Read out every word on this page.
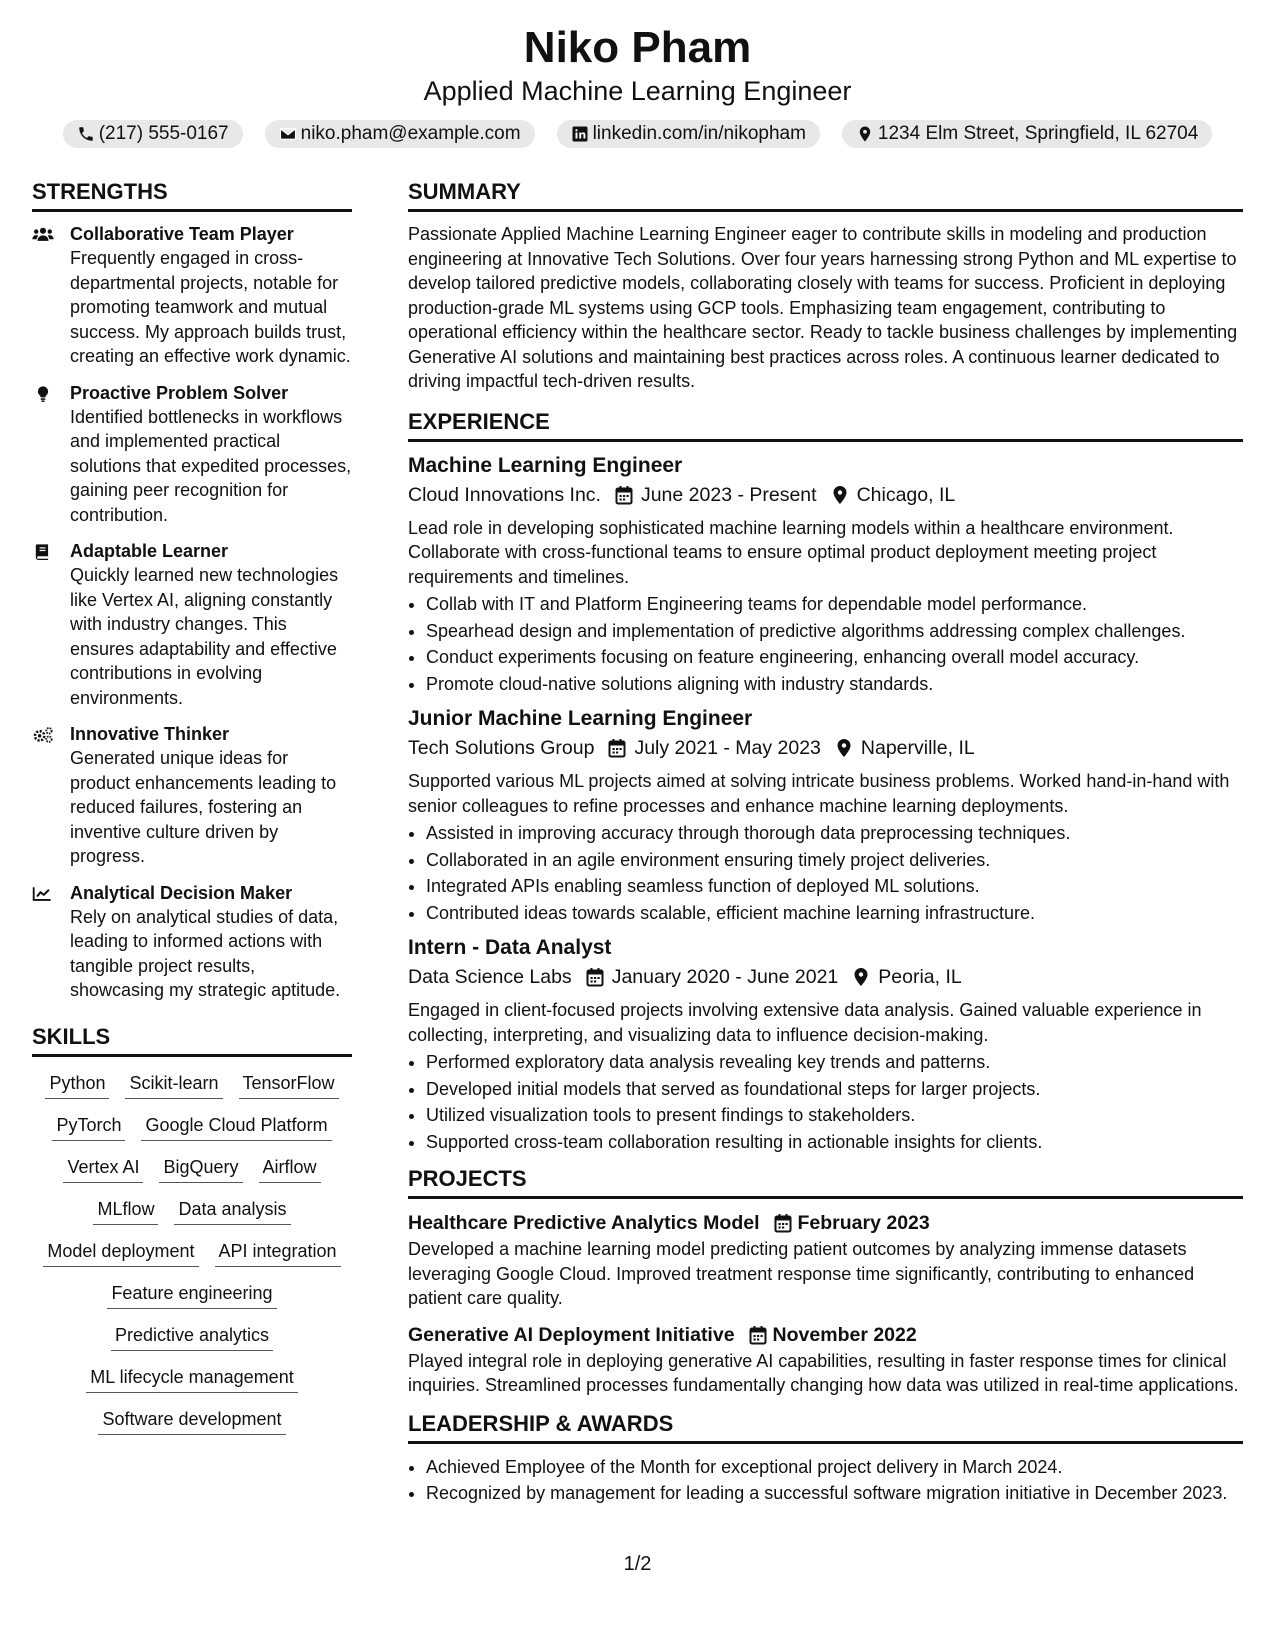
Niko Pham
Applied Machine Learning Engineer
(217) 555-0167	niko.pham@example.com	linkedin.com/in/nikopham	1234 Elm Street, Springfield, IL 62704
STRENGTHS
Collaborative Team Player
Frequently engaged in cross-departmental projects, notable for promoting teamwork and mutual success. My approach builds trust, creating an effective work dynamic.
Proactive Problem Solver
Identified bottlenecks in workflows and implemented practical solutions that expedited processes, gaining peer recognition for contribution.
Adaptable Learner
Quickly learned new technologies like Vertex AI, aligning constantly with industry changes. This ensures adaptability and effective contributions in evolving environments.
Innovative Thinker
Generated unique ideas for product enhancements leading to reduced failures, fostering an inventive culture driven by progress.
Analytical Decision Maker
Rely on analytical studies of data, leading to informed actions with tangible project results, showcasing my strategic aptitude.
SKILLS
Python Scikit-learn TensorFlow
PyTorch Google Cloud Platform
Vertex AI BigQuery Airflow
MLflow Data analysis
Model deployment API integration
Feature engineering
Predictive analytics
ML lifecycle management
Software development
SUMMARY
Passionate Applied Machine Learning Engineer eager to contribute skills in modeling and production engineering at Innovative Tech Solutions. Over four years harnessing strong Python and ML expertise to develop tailored predictive models, collaborating closely with teams for success. Proficient in deploying production-grade ML systems using GCP tools. Emphasizing team engagement, contributing to operational efficiency within the healthcare sector. Ready to tackle business challenges by implementing Generative AI solutions and maintaining best practices across roles. A continuous learner dedicated to driving impactful tech-driven results.
EXPERIENCE
Machine Learning Engineer
Cloud Innovations Inc. June 2023 - Present Chicago, IL
Lead role in developing sophisticated machine learning models within a healthcare environment. Collaborate with cross-functional teams to ensure optimal product deployment meeting project requirements and timelines.
• Collab with IT and Platform Engineering teams for dependable model performance.
• Spearhead design and implementation of predictive algorithms addressing complex challenges.
• Conduct experiments focusing on feature engineering, enhancing overall model accuracy.
• Promote cloud-native solutions aligning with industry standards.
Junior Machine Learning Engineer
Tech Solutions Group July 2021 - May 2023 Naperville, IL
Supported various ML projects aimed at solving intricate business problems. Worked hand-in-hand with senior colleagues to refine processes and enhance machine learning deployments.
• Assisted in improving accuracy through thorough data preprocessing techniques.
• Collaborated in an agile environment ensuring timely project deliveries.
• Integrated APIs enabling seamless function of deployed ML solutions.
• Contributed ideas towards scalable, efficient machine learning infrastructure.
Intern - Data Analyst
Data Science Labs January 2020 - June 2021 Peoria, IL
Engaged in client-focused projects involving extensive data analysis. Gained valuable experience in collecting, interpreting, and visualizing data to influence decision-making.
• Performed exploratory data analysis revealing key trends and patterns.
• Developed initial models that served as foundational steps for larger projects.
• Utilized visualization tools to present findings to stakeholders.
• Supported cross-team collaboration resulting in actionable insights for clients.
PROJECTS
Healthcare Predictive Analytics Model February 2023
Developed a machine learning model predicting patient outcomes by analyzing immense datasets leveraging Google Cloud. Improved treatment response time significantly, contributing to enhanced patient care quality.
Generative AI Deployment Initiative November 2022
Played integral role in deploying generative AI capabilities, resulting in faster response times for clinical inquiries. Streamlined processes fundamentally changing how data was utilized in real-time applications.
LEADERSHIP & AWARDS
• Achieved Employee of the Month for exceptional project delivery in March 2024.
• Recognized by management for leading a successful software migration initiative in December 2023.
1/2
